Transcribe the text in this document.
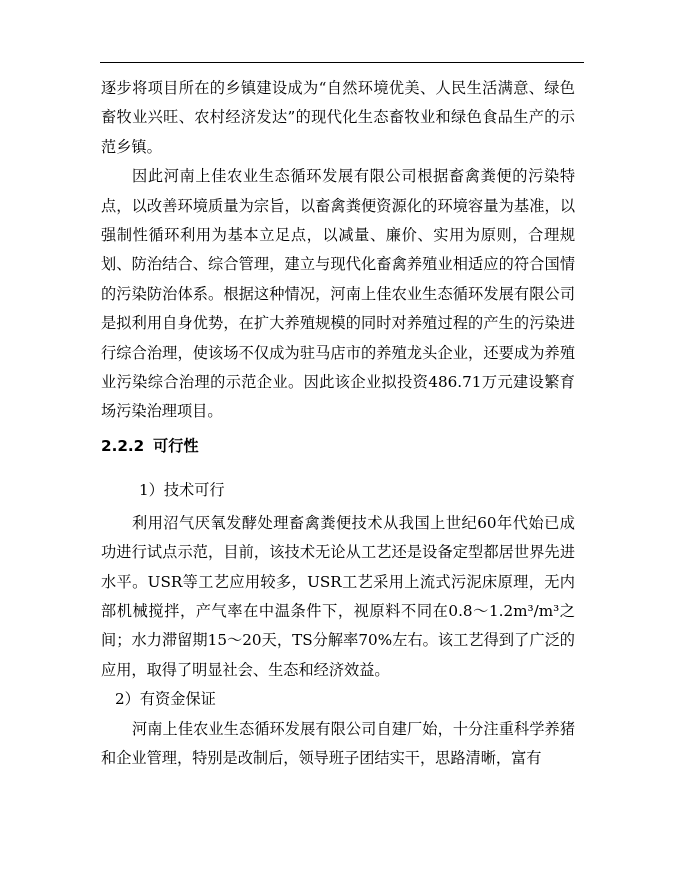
逐步将项目所在的乡镇建设成为“自然环境优美、人民生活满意、绿色畜牧业兴旺、农村经济发达”的现代化生态畜牧业和绿色食品生产的示范乡镇。

因此河南上佳农业生态循环发展有限公司根据畜禽粪便的污染特点，以改善环境质量为宗旨，以畜禽粪便资源化的环境容量为基准，以强制性循环利用为基本立足点，以减量、廉价、实用为原则，合理规划、防治结合、综合管理，建立与现代化畜禽养殖业相适应的符合国情的污染防治体系。根据这种情况，河南上佳农业生态循环发展有限公司是拟利用自身优势，在扩大养殖规模的同时对养殖过程的产生的污染进行综合治理，使该场不仅成为驻马店市的养殖龙头企业，还要成为养殖业污染综合治理的示范企业。因此该企业拟投资486.71万元建设繁育场污染治理项目。

2.2.2 可行性
1）技术可行

利用沼气厌氧发酵处理畜禽粪便技术从我国上世纪60年代始已成功进行试点示范，目前，该技术无论从工艺还是设备定型都居世界先进水平。USR等工艺应用较多，USR工艺采用上流式污泥床原理，无内部机械搅拌，产气率在中温条件下，视原料不同在0.8～1.2m³/m³之间；水力滞留期15～20天，TS分解率70%左右。该工艺得到了广泛的应用，取得了明显社会、生态和经济效益。

2）有资金保证

河南上佳农业生态循环发展有限公司自建厂始，十分注重科学养猪和企业管理，特别是改制后，领导班子团结实干，思路清晰，富有
